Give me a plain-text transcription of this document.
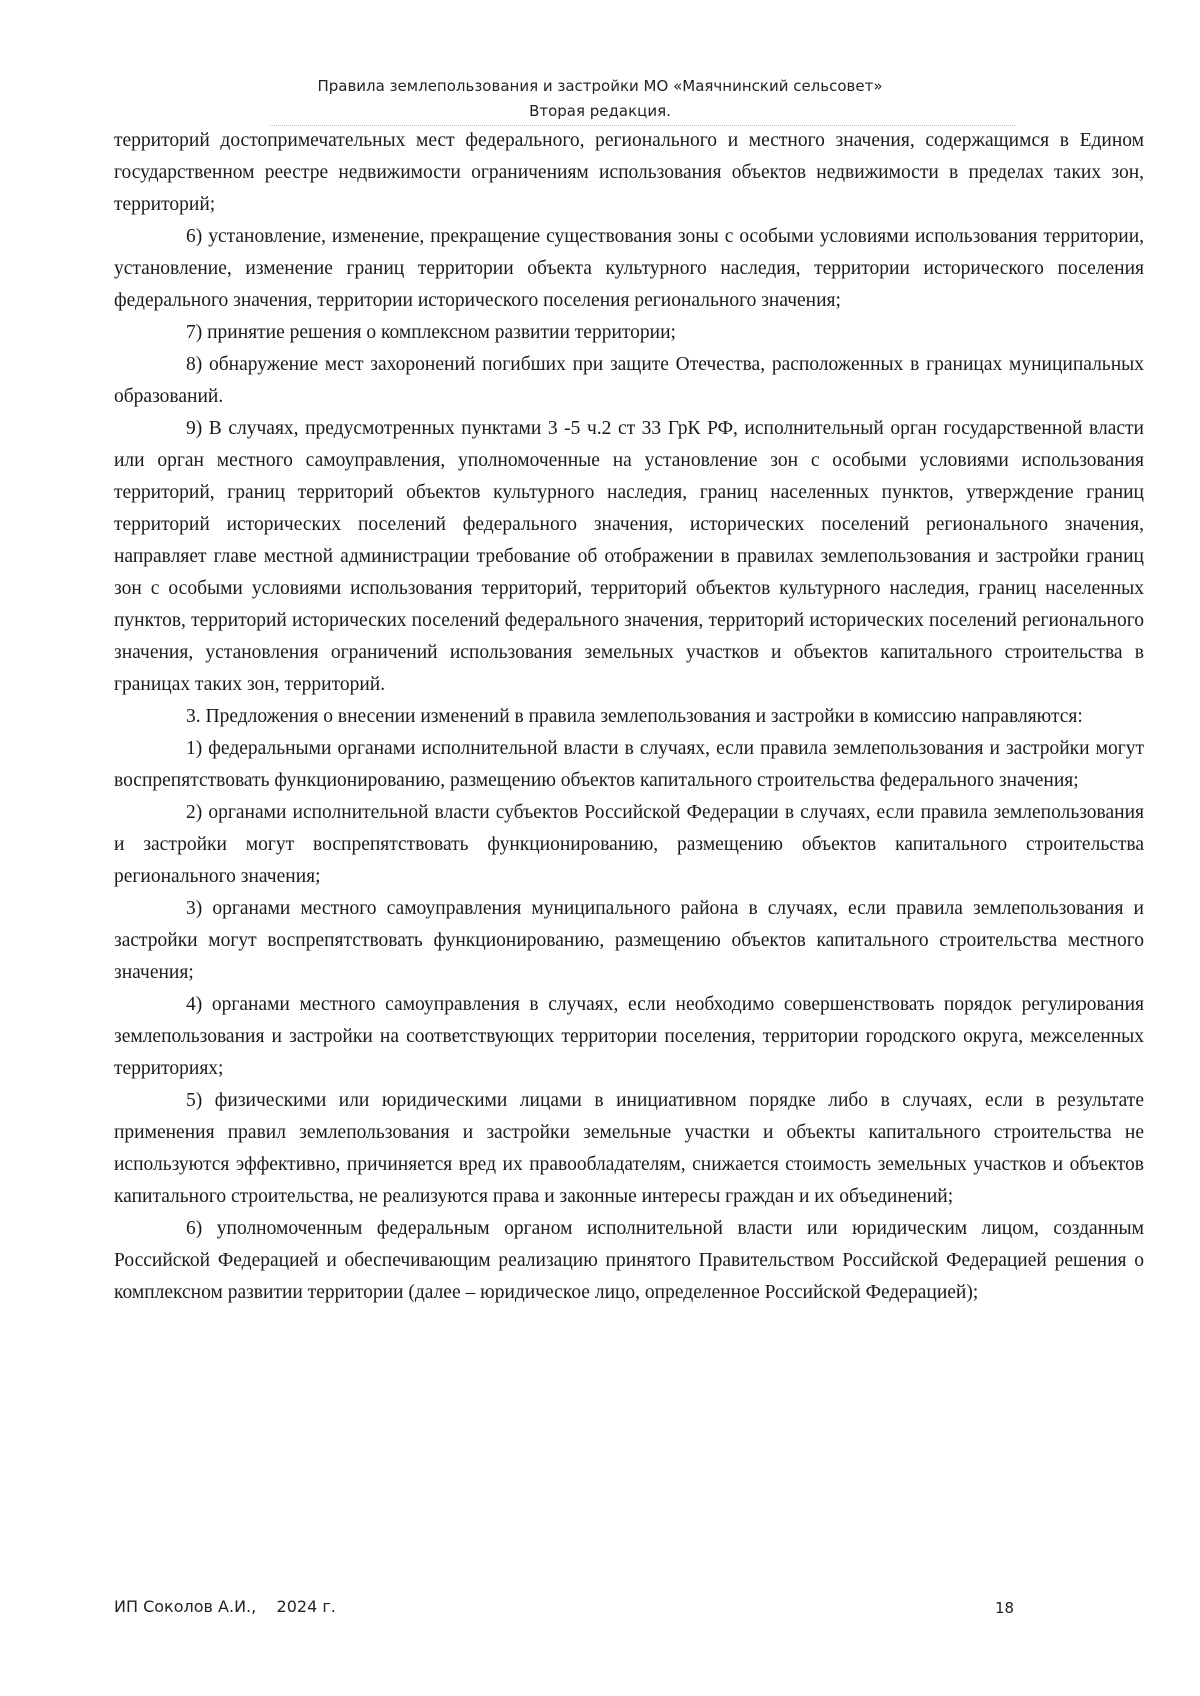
Правила землепользования и застройки МО «Маячнинский сельсовет»
Вторая редакция.

территорий достопримечательных мест федерального, регионального и местного значения, содержащимся в Едином государственном реестре недвижимости ограничениям использования объектов недвижимости в пределах таких зон, территорий;

6) установление, изменение, прекращение существования зоны с особыми условиями использования территории, установление, изменение границ территории объекта культурного наследия, территории исторического поселения федерального значения, территории исторического поселения регионального значения;

7) принятие решения о комплексном развитии территории;

8) обнаружение мест захоронений погибших при защите Отечества, расположенных в границах муниципальных образований.

9) В случаях, предусмотренных пунктами 3 -5 ч.2 ст 33 ГрК РФ, исполнительный орган государственной власти или орган местного самоуправления, уполномоченные на установление зон с особыми условиями использования территорий, границ территорий объектов культурного наследия, границ населенных пунктов, утверждение границ территорий исторических поселений федерального значения, исторических поселений регионального значения, направляет главе местной администрации требование об отображении в правилах землепользования и застройки границ зон с особыми условиями использования территорий, территорий объектов культурного наследия, границ населенных пунктов, территорий исторических поселений федерального значения, территорий исторических поселений регионального значения, установления ограничений использования земельных участков и объектов капитального строительства в границах таких зон, территорий.

3. Предложения о внесении изменений в правила землепользования и застройки в комиссию направляются:

1) федеральными органами исполнительной власти в случаях, если правила землепользования и застройки могут воспрепятствовать функционированию, размещению объектов капитального строительства федерального значения;

2) органами исполнительной власти субъектов Российской Федерации в случаях, если правила землепользования и застройки могут воспрепятствовать функционированию, размещению объектов капитального строительства регионального значения;

3) органами местного самоуправления муниципального района в случаях, если правила землепользования и застройки могут воспрепятствовать функционированию, размещению объектов капитального строительства местного значения;

4) органами местного самоуправления в случаях, если необходимо совершенствовать порядок регулирования землепользования и застройки на соответствующих территории поселения, территории городского округа, межселенных территориях;

5) физическими или юридическими лицами в инициативном порядке либо в случаях, если в результате применения правил землепользования и застройки земельные участки и объекты капитального строительства не используются эффективно, причиняется вред их правообладателям, снижается стоимость земельных участков и объектов капитального строительства, не реализуются права и законные интересы граждан и их объединений;

6) уполномоченным федеральным органом исполнительной власти или юридическим лицом, созданным Российской Федерацией и обеспечивающим реализацию принятого Правительством Российской Федерацией решения о комплексном развитии территории (далее – юридическое лицо, определенное Российской Федерацией);

ИП Соколов А.И.,    2024 г.	18
